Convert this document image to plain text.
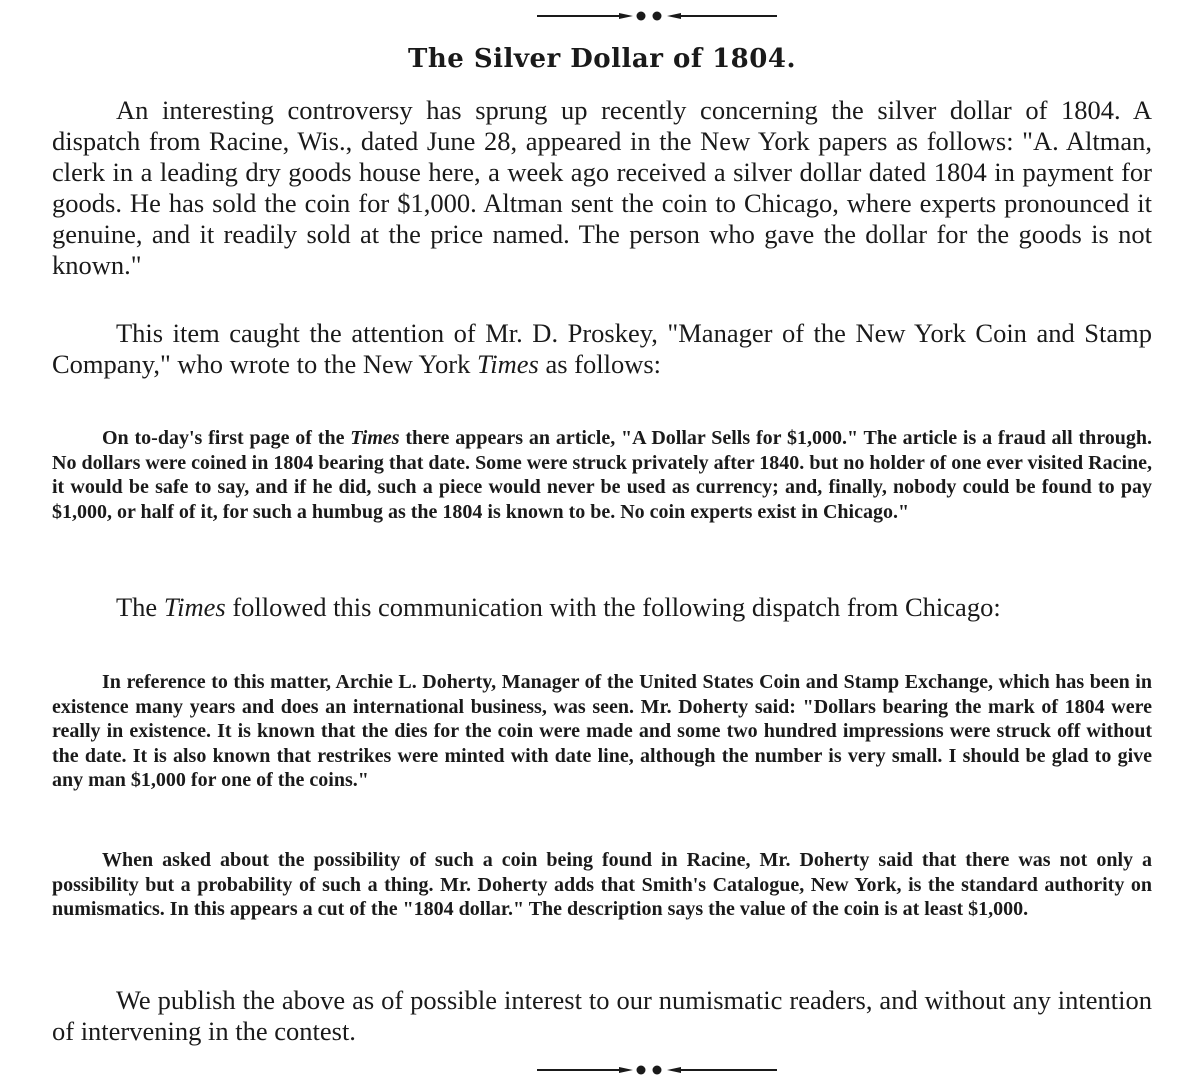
The Silver Dollar of 1804.

An interesting controversy has sprung up recently concerning the silver dollar of 1804. A dispatch from Racine, Wis., dated June 28, appeared in the New York papers as follows: "A. Altman, clerk in a leading dry goods house here, a week ago received a silver dollar dated 1804 in payment for goods. He has sold the coin for $1,000. Altman sent the coin to Chicago, where experts pronounced it genuine, and it readily sold at the price named. The person who gave the dollar for the goods is not known."

This item caught the attention of Mr. D. Proskey, "Manager of the New York Coin and Stamp Company," who wrote to the New York Times as follows:

On to-day's first page of the Times there appears an article, "A Dollar Sells for $1,000." The article is a fraud all through. No dollars were coined in 1804 bearing that date. Some were struck privately after 1840. but no holder of one ever visited Racine, it would be safe to say, and if he did, such a piece would never be used as currency; and, finally, nobody could be found to pay $1,000, or half of it, for such a humbug as the 1804 is known to be. No coin experts exist in Chicago."

The Times followed this communication with the following dispatch from Chicago:

In reference to this matter, Archie L. Doherty, Manager of the United States Coin and Stamp Exchange, which has been in existence many years and does an international business, was seen. Mr. Doherty said: "Dollars bearing the mark of 1804 were really in existence. It is known that the dies for the coin were made and some two hundred impressions were struck off without the date. It is also known that restrikes were minted with date line, although the number is very small. I should be glad to give any man $1,000 for one of the coins."

When asked about the possibility of such a coin being found in Racine, Mr. Doherty said that there was not only a possibility but a probability of such a thing. Mr. Doherty adds that Smith's Catalogue, New York, is the standard authority on numismatics. In this appears a cut of the "1804 dollar." The description says the value of the coin is at least $1,000.

We publish the above as of possible interest to our numismatic readers, and without any intention of intervening in the contest.
